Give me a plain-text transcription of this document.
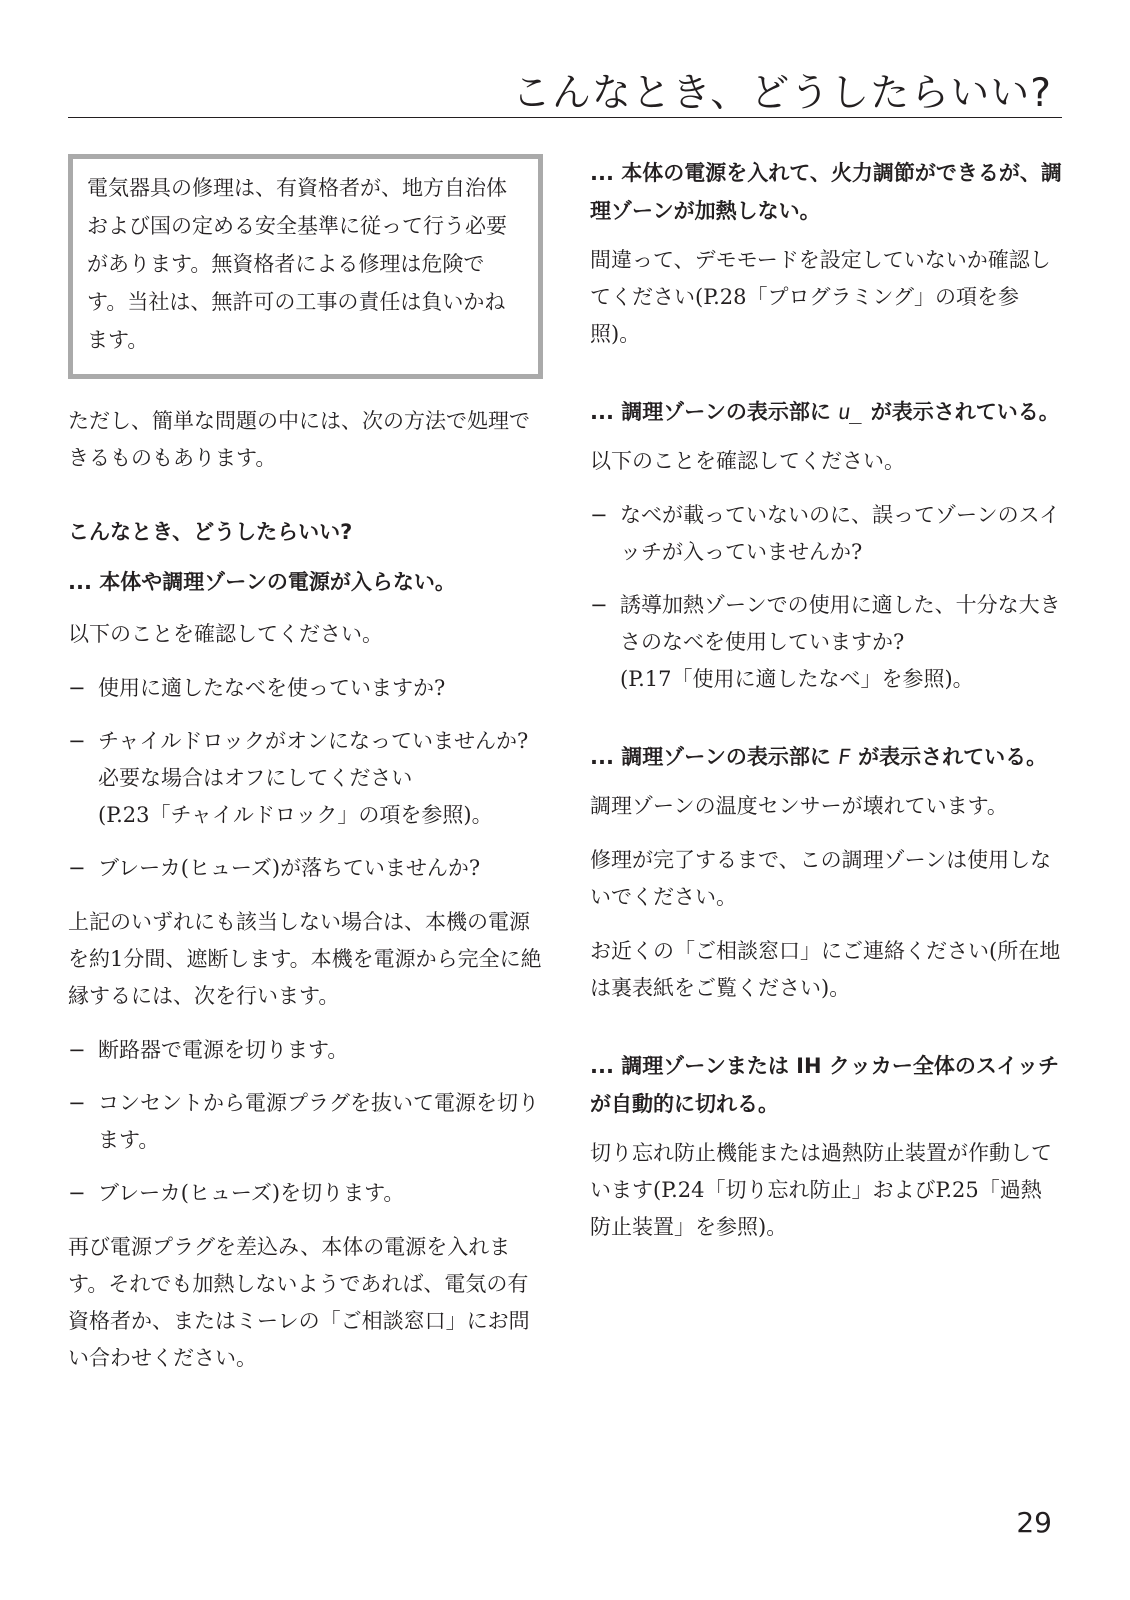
こんなとき、どうしたらいい?

電気器具の修理は、有資格者が、地方自治体および国の定める安全基準に従って行う必要があります。無資格者による修理は危険です。当社は、無許可の工事の責任は負いかねます。

ただし、簡単な問題の中には、次の方法で処理できるものもあります。

こんなとき、どうしたらいい?
... 本体や調理ゾーンの電源が入らない。

以下のことを確認してください。

− 使用に適したなべを使っていますか?
− チャイルドロックがオンになっていませんか?
必要な場合はオフにしてください
(P.23「チャイルドロック」の項を参照)。
− ブレーカ(ヒューズ)が落ちていませんか?

上記のいずれにも該当しない場合は、本機の電源を約1分間、遮断します。本機を電源から完全に絶縁するには、次を行います。

− 断路器で電源を切ります。
− コンセントから電源プラグを抜いて電源を切ります。
− ブレーカ(ヒューズ)を切ります。

再び電源プラグを差込み、本体の電源を入れます。それでも加熱しないようであれば、電気の有資格者か、またはミーレの「ご相談窓口」にお問い合わせください。

... 本体の電源を入れて、火力調節ができるが、調理ゾーンが加熱しない。

間違って、デモモードを設定していないか確認してください(P.28「プログラミング」の項を参照)。

... 調理ゾーンの表示部に u̲ が表示されている。

以下のことを確認してください。

− なべが載っていないのに、誤ってゾーンのスイッチが入っていませんか?
− 誘導加熱ゾーンでの使用に適した、十分な大きさのなべを使用していますか?
(P.17「使用に適したなべ」を参照)。
... 調理ゾーンの表示部に F が表示されている。

調理ゾーンの温度センサーが壊れています。

修理が完了するまで、この調理ゾーンは使用しないでください。

お近くの「ご相談窓口」にご連絡ください(所在地は裏表紙をご覧ください)。

... 調理ゾーンまたは IH クッカー全体のスイッチが自動的に切れる。

切り忘れ防止機能または過熱防止装置が作動しています(P.24「切り忘れ防止」およびP.25「過熱防止装置」を参照)。

29
